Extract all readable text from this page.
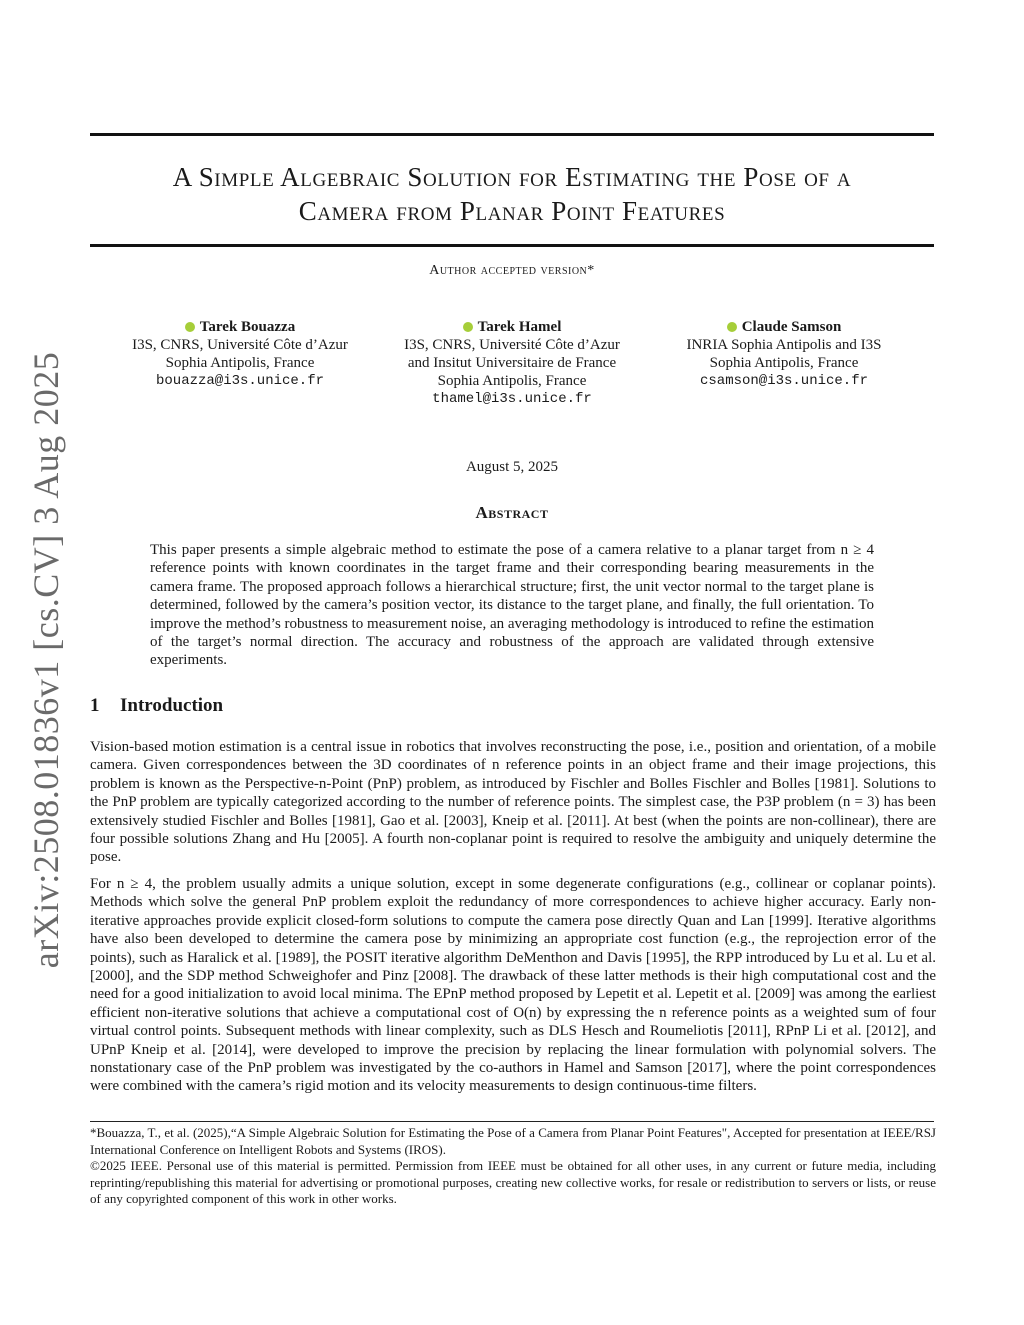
arXiv:2508.01836v1 [cs.CV] 3 Aug 2025
A Simple Algebraic Solution for Estimating the Pose of a
Camera from Planar Point Features
Author accepted version*
Tarek Bouazza
I3S, CNRS, Université Côte d’Azur
Sophia Antipolis, France
bouazza@i3s.unice.fr
Tarek Hamel
I3S, CNRS, Université Côte d’Azur
and Insitut Universitaire de France
Sophia Antipolis, France
thamel@i3s.unice.fr
Claude Samson
INRIA Sophia Antipolis and I3S
Sophia Antipolis, France
csamson@i3s.unice.fr
August 5, 2025
Abstract
This paper presents a simple algebraic method to estimate the pose of a camera relative to a planar target from n ≥ 4 reference points with known coordinates in the target frame and their corresponding bearing measurements in the camera frame. The proposed approach follows a hierarchical structure; first, the unit vector normal to the target plane is determined, followed by the camera’s position vector, its distance to the target plane, and finally, the full orientation. To improve the method’s robustness to measurement noise, an averaging methodology is introduced to refine the estimation of the target’s normal direction. The accuracy and robustness of the approach are validated through extensive experiments.
1 Introduction
Vision-based motion estimation is a central issue in robotics that involves reconstructing the pose, i.e., position and orientation, of a mobile camera. Given correspondences between the 3D coordinates of n reference points in an object frame and their image projections, this problem is known as the Perspective-n-Point (PnP) problem, as introduced by Fischler and Bolles Fischler and Bolles [1981]. Solutions to the PnP problem are typically categorized according to the number of reference points. The simplest case, the P3P problem (n = 3) has been extensively studied Fischler and Bolles [1981], Gao et al. [2003], Kneip et al. [2011]. At best (when the points are non-collinear), there are four possible solutions Zhang and Hu [2005]. A fourth non-coplanar point is required to resolve the ambiguity and uniquely determine the pose.
For n ≥ 4, the problem usually admits a unique solution, except in some degenerate configurations (e.g., collinear or coplanar points). Methods which solve the general PnP problem exploit the redundancy of more correspondences to achieve higher accuracy. Early non-iterative approaches provide explicit closed-form solutions to compute the camera pose directly Quan and Lan [1999]. Iterative algorithms have also been developed to determine the camera pose by minimizing an appropriate cost function (e.g., the reprojection error of the points), such as Haralick et al. [1989], the POSIT iterative algorithm DeMenthon and Davis [1995], the RPP introduced by Lu et al. Lu et al. [2000], and the SDP method Schweighofer and Pinz [2008]. The drawback of these latter methods is their high computational cost and the need for a good initialization to avoid local minima. The EPnP method proposed by Lepetit et al. Lepetit et al. [2009] was among the earliest efficient non-iterative solutions that achieve a computational cost of O(n) by expressing the n reference points as a weighted sum of four virtual control points. Subsequent methods with linear complexity, such as DLS Hesch and Roumeliotis [2011], RPnP Li et al. [2012], and UPnP Kneip et al. [2014], were developed to improve the precision by replacing the linear formulation with polynomial solvers. The nonstationary case of the PnP problem was investigated by the co-authors in Hamel and Samson [2017], where the point correspondences were combined with the camera’s rigid motion and its velocity measurements to design continuous-time filters.
*Bouazza, T., et al. (2025),“A Simple Algebraic Solution for Estimating the Pose of a Camera from Planar Point Features", Accepted for presentation at IEEE/RSJ International Conference on Intelligent Robots and Systems (IROS).
©2025 IEEE. Personal use of this material is permitted. Permission from IEEE must be obtained for all other uses, in any current or future media, including reprinting/republishing this material for advertising or promotional purposes, creating new collective works, for resale or redistribution to servers or lists, or reuse of any copyrighted component of this work in other works.
